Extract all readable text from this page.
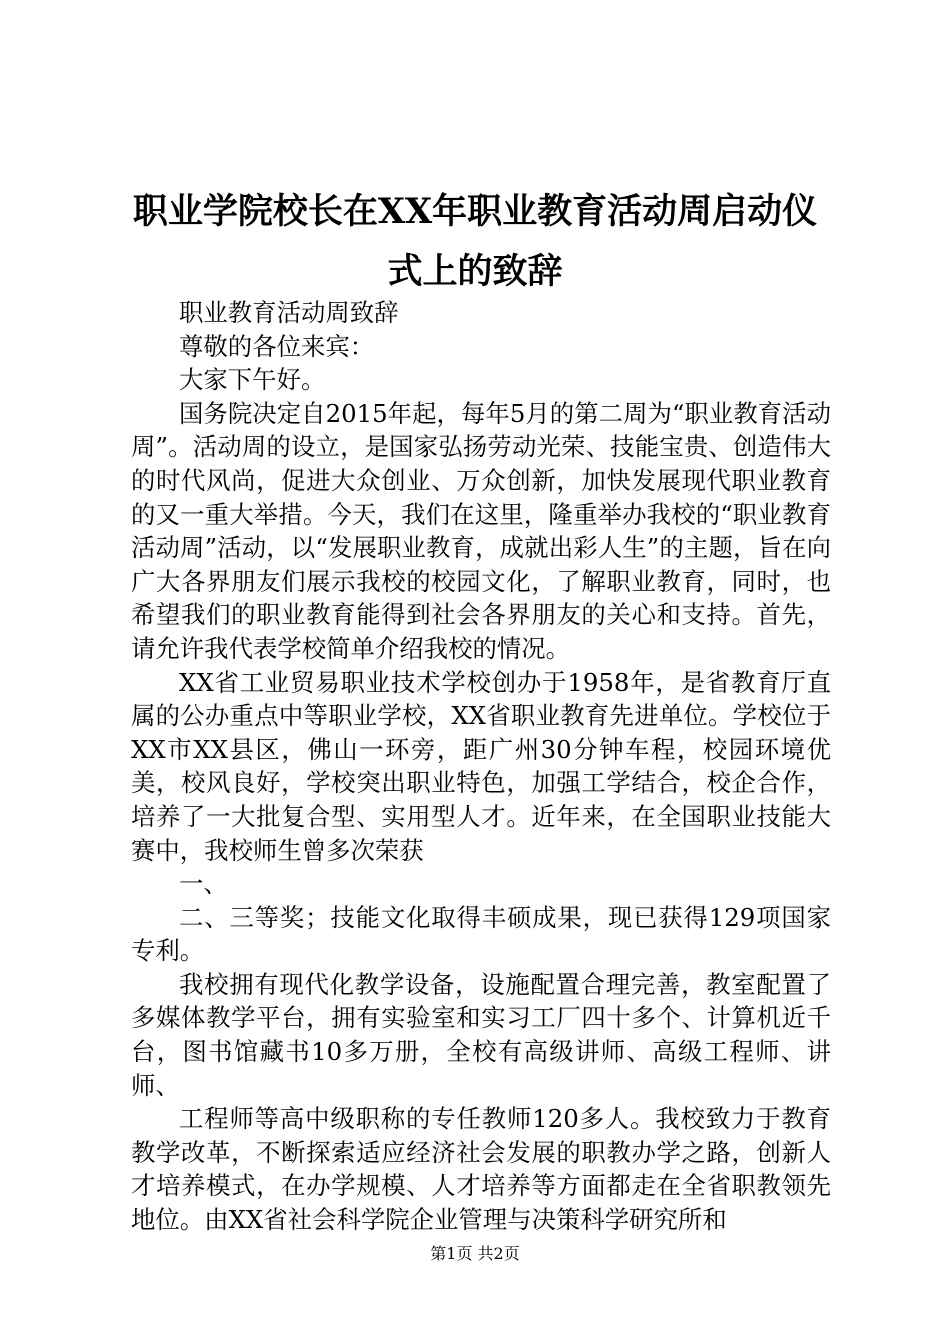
职业学院校长在XX年职业教育活动周启动仪式上的致辞

职业教育活动周致辞

尊敬的各位来宾：

大家下午好。

国务院决定自2015年起，每年5月的第二周为“职业教育活动周”。活动周的设立，是国家弘扬劳动光荣、技能宝贵、创造伟大的时代风尚，促进大众创业、万众创新，加快发展现代职业教育的又一重大举措。今天，我们在这里，隆重举办我校的“职业教育活动周”活动，以“发展职业教育，成就出彩人生”的主题，旨在向广大各界朋友们展示我校的校园文化，了解职业教育，同时，也希望我们的职业教育能得到社会各界朋友的关心和支持。首先，请允许我代表学校简单介绍我校的情况。

XX省工业贸易职业技术学校创办于1958年，是省教育厅直属的公办重点中等职业学校，XX省职业教育先进单位。学校位于XX市XX县区，佛山一环旁，距广州30分钟车程，校园环境优美，校风良好，学校突出职业特色，加强工学结合，校企合作，培养了一大批复合型、实用型人才。近年来，在全国职业技能大赛中，我校师生曾多次荣获

一、

二、三等奖；技能文化取得丰硕成果，现已获得129项国家专利。

我校拥有现代化教学设备，设施配置合理完善，教室配置了多媒体教学平台，拥有实验室和实习工厂四十多个、计算机近千台，图书馆藏书10多万册，全校有高级讲师、高级工程师、讲师、

工程师等高中级职称的专任教师120多人。我校致力于教育教学改革，不断探索适应经济社会发展的职教办学之路，创新人才培养模式，在办学规模、人才培养等方面都走在全省职教领先地位。由XX省社会科学院企业管理与决策科学研究所和

第1页 共2页
